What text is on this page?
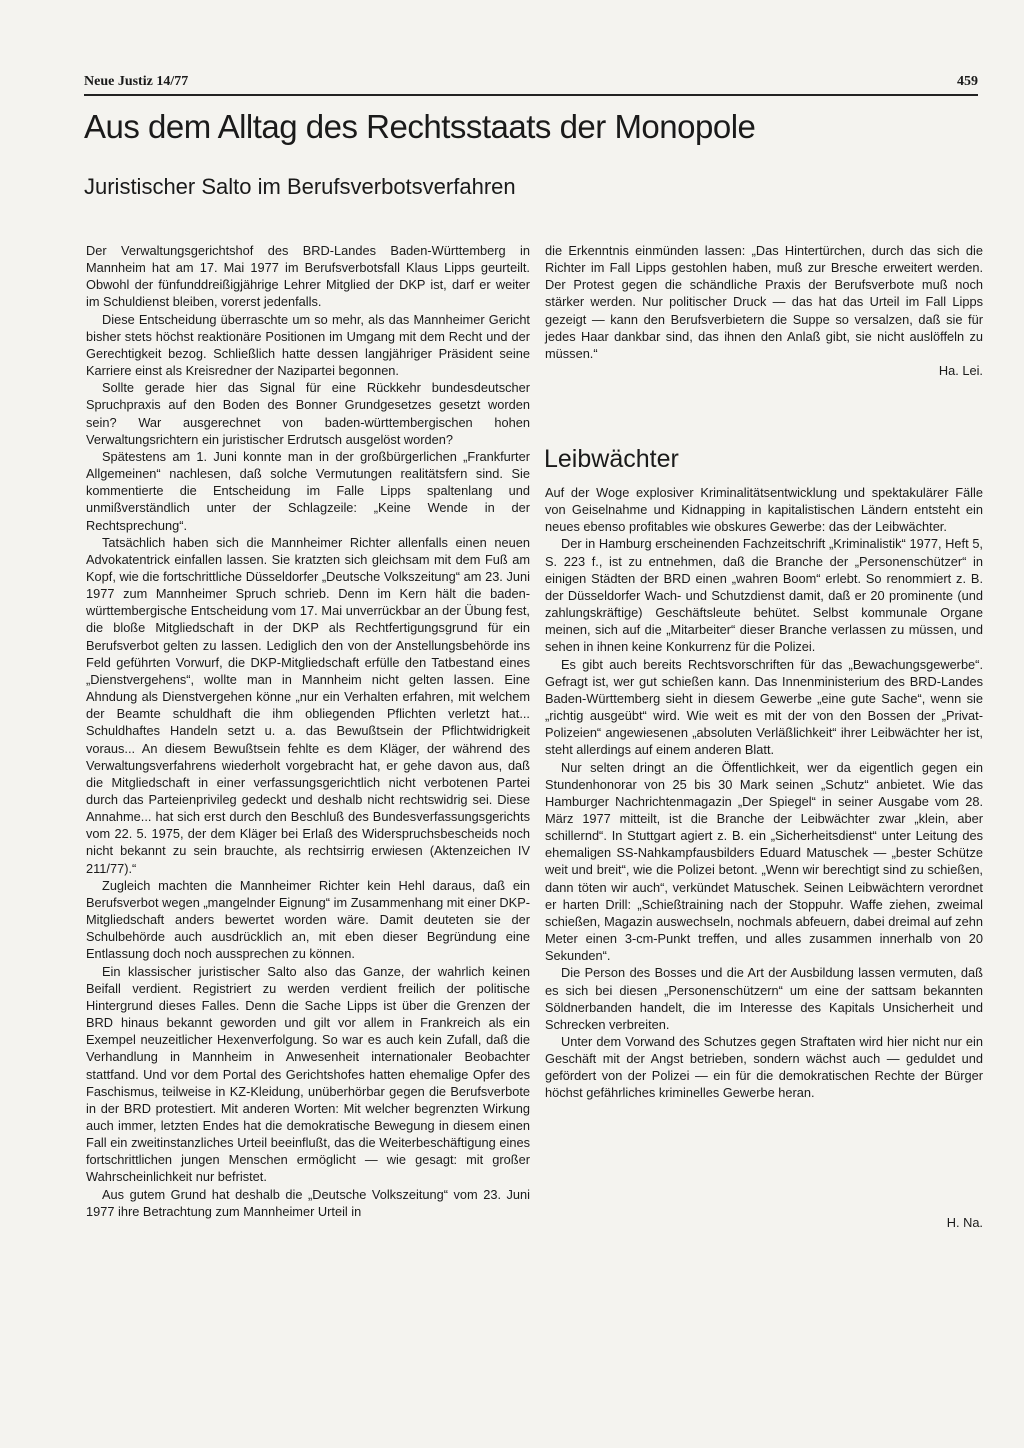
Neue Justiz 14/77	459
Aus dem Alltag des Rechtsstaats der Monopole
Juristischer Salto im Berufsverbotsverfahren

Der Verwaltungsgerichtshof des BRD-Landes Baden-Württemberg in Mannheim hat am 17. Mai 1977 im Berufsverbotsfall Klaus Lipps geurteilt. Obwohl der fünfunddreißigjährige Lehrer Mitglied der DKP ist, darf er weiter im Schuldienst bleiben, vorerst jedenfalls.

Diese Entscheidung überraschte um so mehr, als das Mannheimer Gericht bisher stets höchst reaktionäre Positionen im Umgang mit dem Recht und der Gerechtigkeit bezog. Schließlich hatte dessen langjähriger Präsident seine Karriere einst als Kreisredner der Nazipartei begonnen.

Sollte gerade hier das Signal für eine Rückkehr bundesdeutscher Spruchpraxis auf den Boden des Bonner Grundgesetzes gesetzt worden sein? War ausgerechnet von baden-württembergischen hohen Verwaltungsrichtern ein juristischer Erdrutsch ausgelöst worden?

Spätestens am 1. Juni konnte man in der großbürgerlichen „Frankfurter Allgemeinen“ nachlesen, daß solche Vermutungen realitätsfern sind. Sie kommentierte die Entscheidung im Falle Lipps spaltenlang und unmißverständlich unter der Schlagzeile: „Keine Wende in der Rechtsprechung“.

Tatsächlich haben sich die Mannheimer Richter allenfalls einen neuen Advokatentrick einfallen lassen. Sie kratzten sich gleichsam mit dem Fuß am Kopf, wie die fortschrittliche Düsseldorfer „Deutsche Volkszeitung“ am 23. Juni 1977 zum Mannheimer Spruch schrieb. Denn im Kern hält die baden-württembergische Entscheidung vom 17. Mai unverrückbar an der Übung fest, die bloße Mitgliedschaft in der DKP als Rechtfertigungsgrund für ein Berufsverbot gelten zu lassen. Lediglich den von der Anstellungsbehörde ins Feld geführten Vorwurf, die DKP-Mitgliedschaft erfülle den Tatbestand eines „Dienstvergehens“, wollte man in Mannheim nicht gelten lassen. Eine Ahndung als Dienstvergehen könne „nur ein Verhalten erfahren, mit welchem der Beamte schuldhaft die ihm obliegenden Pflichten verletzt hat... Schuldhaftes Handeln setzt u. a. das Bewußtsein der Pflichtwidrigkeit voraus... An diesem Bewußtsein fehlte es dem Kläger, der während des Verwaltungsverfahrens wiederholt vorgebracht hat, er gehe davon aus, daß die Mitgliedschaft in einer verfassungsgerichtlich nicht verbotenen Partei durch das Parteienprivileg gedeckt und deshalb nicht rechtswidrig sei. Diese Annahme... hat sich erst durch den Beschluß des Bundesverfassungsgerichts vom 22. 5. 1975, der dem Kläger bei Erlaß des Widerspruchsbescheids noch nicht bekannt zu sein brauchte, als rechtsirrig erwiesen (Aktenzeichen IV 211/77).“

Zugleich machten die Mannheimer Richter kein Hehl daraus, daß ein Berufsverbot wegen „mangelnder Eignung“ im Zusammenhang mit einer DKP-Mitgliedschaft anders bewertet worden wäre. Damit deuteten sie der Schulbehörde auch ausdrücklich an, mit eben dieser Begründung eine Entlassung doch noch aussprechen zu können.

Ein klassischer juristischer Salto also das Ganze, der wahrlich keinen Beifall verdient. Registriert zu werden verdient freilich der politische Hintergrund dieses Falles. Denn die Sache Lipps ist über die Grenzen der BRD hinaus bekannt geworden und gilt vor allem in Frankreich als ein Exempel neuzeitlicher Hexenverfolgung. So war es auch kein Zufall, daß die Verhandlung in Mannheim in Anwesenheit internationaler Beobachter stattfand. Und vor dem Portal des Gerichtshofes hatten ehemalige Opfer des Faschismus, teilweise in KZ-Kleidung, unüberhörbar gegen die Berufsverbote in der BRD protestiert. Mit anderen Worten: Mit welcher begrenzten Wirkung auch immer, letzten Endes hat die demokratische Bewegung in diesem einen Fall ein zweitinstanzliches Urteil beeinflußt, das die Weiterbeschäftigung eines fortschrittlichen jungen Menschen ermöglicht — wie gesagt: mit großer Wahrscheinlichkeit nur befristet.

Aus gutem Grund hat deshalb die „Deutsche Volkszeitung“ vom 23. Juni 1977 ihre Betrachtung zum Mannheimer Urteil in

die Erkenntnis einmünden lassen: „Das Hintertürchen, durch das sich die Richter im Fall Lipps gestohlen haben, muß zur Bresche erweitert werden. Der Protest gegen die schändliche Praxis der Berufsverbote muß noch stärker werden. Nur politischer Druck — das hat das Urteil im Fall Lipps gezeigt — kann den Berufsverbietern die Suppe so versalzen, daß sie für jedes Haar dankbar sind, das ihnen den Anlaß gibt, sie nicht auslöffeln zu müssen.“

Ha. Lei.

Leibwächter

Auf der Woge explosiver Kriminalitätsentwicklung und spektakulärer Fälle von Geiselnahme und Kidnapping in kapitalistischen Ländern entsteht ein neues ebenso profitables wie obskures Gewerbe: das der Leibwächter.

Der in Hamburg erscheinenden Fachzeitschrift „Kriminalistik“ 1977, Heft 5, S. 223 f., ist zu entnehmen, daß die Branche der „Personenschützer“ in einigen Städten der BRD einen „wahren Boom“ erlebt. So renommiert z. B. der Düsseldorfer Wach- und Schutzdienst damit, daß er 20 prominente (und zahlungskräftige) Geschäftsleute behütet. Selbst kommunale Organe meinen, sich auf die „Mitarbeiter“ dieser Branche verlassen zu müssen, und sehen in ihnen keine Konkurrenz für die Polizei.

Es gibt auch bereits Rechtsvorschriften für das „Bewachungsgewerbe“. Gefragt ist, wer gut schießen kann. Das Innenministerium des BRD-Landes Baden-Württemberg sieht in diesem Gewerbe „eine gute Sache“, wenn sie „richtig ausgeübt“ wird. Wie weit es mit der von den Bossen der „Privat-Polizeien“ angewiesenen „absoluten Verläßlichkeit“ ihrer Leibwächter her ist, steht allerdings auf einem anderen Blatt.

Nur selten dringt an die Öffentlichkeit, wer da eigentlich gegen ein Stundenhonorar von 25 bis 30 Mark seinen „Schutz“ anbietet. Wie das Hamburger Nachrichtenmagazin „Der Spiegel“ in seiner Ausgabe vom 28. März 1977 mitteilt, ist die Branche der Leibwächter zwar „klein, aber schillernd“. In Stuttgart agiert z. B. ein „Sicherheitsdienst“ unter Leitung des ehemaligen SS-Nahkampfausbilders Eduard Matuschek — „bester Schütze weit und breit“, wie die Polizei betont. „Wenn wir berechtigt sind zu schießen, dann töten wir auch“, verkündet Matuschek. Seinen Leibwächtern verordnet er harten Drill: „Schießtraining nach der Stoppuhr. Waffe ziehen, zweimal schießen, Magazin auswechseln, nochmals abfeuern, dabei dreimal auf zehn Meter einen 3-cm-Punkt treffen, und alles zusammen innerhalb von 20 Sekunden“.

Die Person des Bosses und die Art der Ausbildung lassen vermuten, daß es sich bei diesen „Personenschützern“ um eine der sattsam bekannten Söldnerbanden handelt, die im Interesse des Kapitals Unsicherheit und Schrecken verbreiten.

Unter dem Vorwand des Schutzes gegen Straftaten wird hier nicht nur ein Geschäft mit der Angst betrieben, sondern wächst auch — geduldet und gefördert von der Polizei — ein für die demokratischen Rechte der Bürger höchst gefährliches kriminelles Gewerbe heran.

H. Na.
